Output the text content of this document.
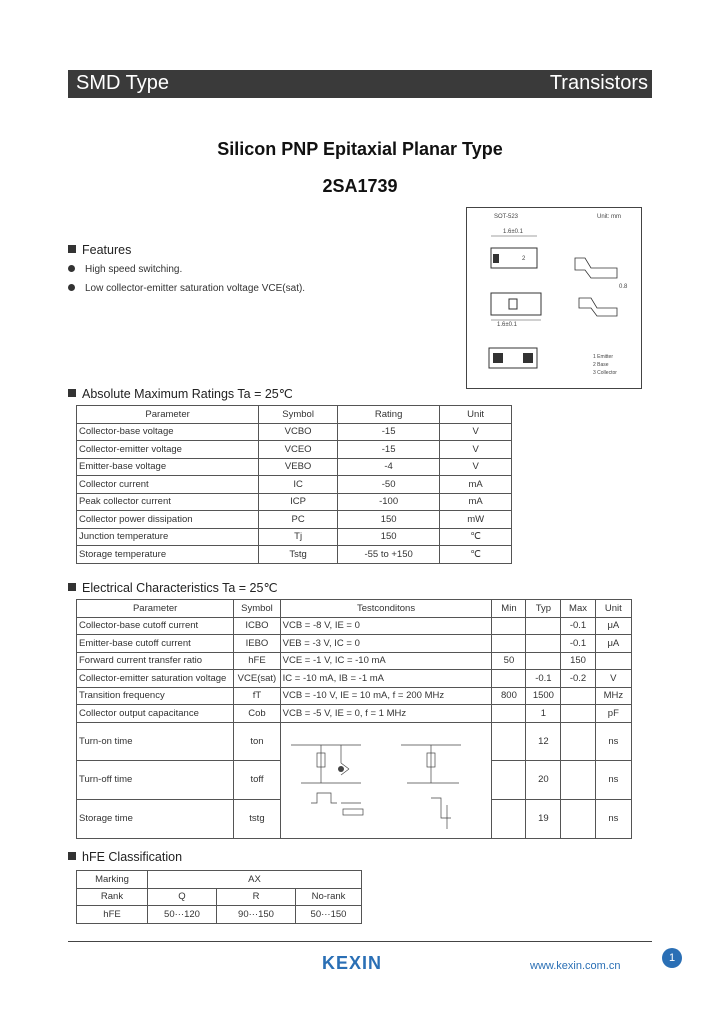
SMD Type	Transistors
Silicon PNP Epitaxial Planar Type
2SA1739
Features
High speed switching.
Low collector-emitter saturation voltage VCE(sat).
SOT-523	Unit: mm
1.6±0.1
2
1.6±0.1
0.8
1 Emitter
2 Base
3 Collector
Absolute Maximum Ratings Ta = 25℃
Parameter	Symbol	Rating	Unit
Collector-base voltage	VCBO	-15	V
Collector-emitter voltage	VCEO	-15	V
Emitter-base voltage	VEBO	-4	V
Collector current	IC	-50	mA
Peak collector current	ICP	-100	mA
Collector power dissipation	PC	150	mW
Junction temperature	Tj	150	℃
Storage temperature	Tstg	-55 to +150	℃
Electrical Characteristics Ta = 25℃
Parameter	Symbol	Testconditons	Min	Typ	Max	Unit
Collector-base cutoff current	ICBO	VCB = -8 V, IE = 0			-0.1	μA
Emitter-base cutoff current	IEBO	VEB = -3 V, IC = 0			-0.1	μA
Forward current transfer ratio	hFE	VCE = -1 V, IC = -10 mA	50		150	
Collector-emitter saturation voltage	VCE(sat)	IC = -10 mA, IB = -1 mA		-0.1	-0.2	V
Transition frequency	fT	VCB = -10 V, IE = 10 mA, f = 200 MHz	800	1500		MHz
Collector output capacitance	Cob	VCB = -5 V, IE = 0, f = 1 MHz		1		pF
Turn-on time	ton			12		ns
Turn-off time	toff			20		ns
Storage time	tstg			19		ns
hFE Classification
Marking	AX		
Rank	Q	R	No-rank
hFE	50···120	90···150	50···150
KEXIN	www.kexin.com.cn
1
